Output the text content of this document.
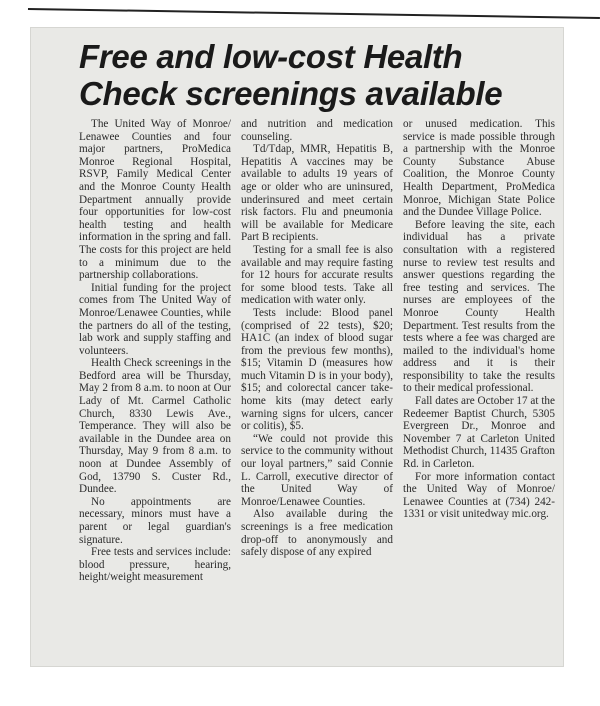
Free and low-cost Health
Check screenings available

The United Way of Monroe/ Lenawee Counties and four major partners, ProMedica Monroe Regional Hospital, RSVP, Family Medical Center and the Monroe County Health Department annually provide four opportunities for low-cost health testing and health information in the spring and fall. The costs for this project are held to a minimum due to the partnership collaborations.

Initial funding for the project comes from The United Way of Monroe/Lenawee Counties, while the partners do all of the testing, lab work and supply staffing and volunteers.

Health Check screenings in the Bedford area will be Thursday, May 2 from 8 a.m. to noon at Our Lady of Mt. Carmel Catholic Church, 8330 Lewis Ave., Temperance. They will also be available in the Dundee area on Thursday, May 9 from 8 a.m. to noon at Dundee Assembly of God, 13790 S. Custer Rd., Dundee.

No appointments are necessary, minors must have a parent or legal guardian's signature.

Free tests and services include: blood pressure, hearing, height/weight measurement

and nutrition and medication counseling.

Td/Tdap, MMR, Hepatitis B, Hepatitis A vaccines may be available to adults 19 years of age or older who are uninsured, underinsured and meet certain risk factors. Flu and pneumonia will be available for Medicare Part B recipients.

Testing for a small fee is also available and may require fasting for 12 hours for accurate results for some blood tests. Take all medication with water only.

Tests include: Blood panel (comprised of 22 tests), $20; HA1C (an index of blood sugar from the previous few months), $15; Vitamin D (measures how much Vitamin D is in your body), $15; and colorectal cancer take-home kits (may detect early warning signs for ulcers, cancer or colitis), $5.

“We could not provide this service to the community without our loyal partners,” said Connie L. Carroll, executive director of the United Way of Monroe/Lenawee Counties.

Also available during the screenings is a free medication drop-off to anonymously and safely dispose of any expired

or unused medication. This service is made possible through a partnership with the Monroe County Substance Abuse Coalition, the Monroe County Health Department, ProMedica Monroe, Michigan State Police and the Dundee Village Police.

Before leaving the site, each individual has a private consultation with a registered nurse to review test results and answer questions regarding the free testing and services. The nurses are employees of the Monroe County Health Department. Test results from the tests where a fee was charged are mailed to the individual's home address and it is their responsibility to take the results to their medical professional.

Fall dates are October 17 at the Redeemer Baptist Church, 5305 Evergreen Dr., Monroe and November 7 at Carleton United Methodist Church, 11435 Grafton Rd. in Carleton.

For more information contact the United Way of Monroe/ Lenawee Counties at (734) 242-1331 or visit unitedway mic.org.
